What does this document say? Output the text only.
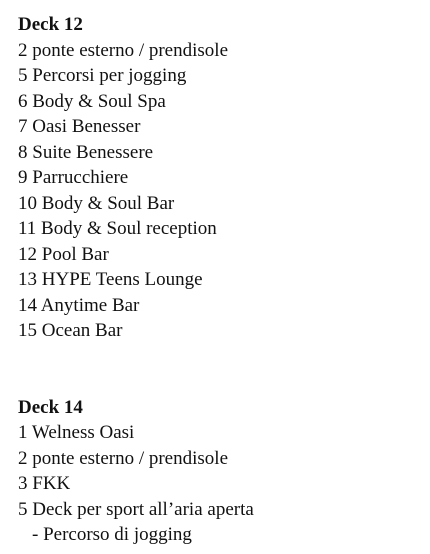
Deck 12
2 ponte esterno / prendisole
5 Percorsi per jogging
6 Body & Soul Spa
7 Oasi Benesser
8 Suite Benessere
9 Parrucchiere
10 Body & Soul Bar
11 Body & Soul reception
12 Pool Bar
13 HYPE Teens Lounge
14 Anytime Bar
15 Ocean Bar
Deck 14
1 Welness Oasi
2 ponte esterno / prendisole
3 FKK
5 Deck per sport all’aria aperta
- Percorso di jogging
